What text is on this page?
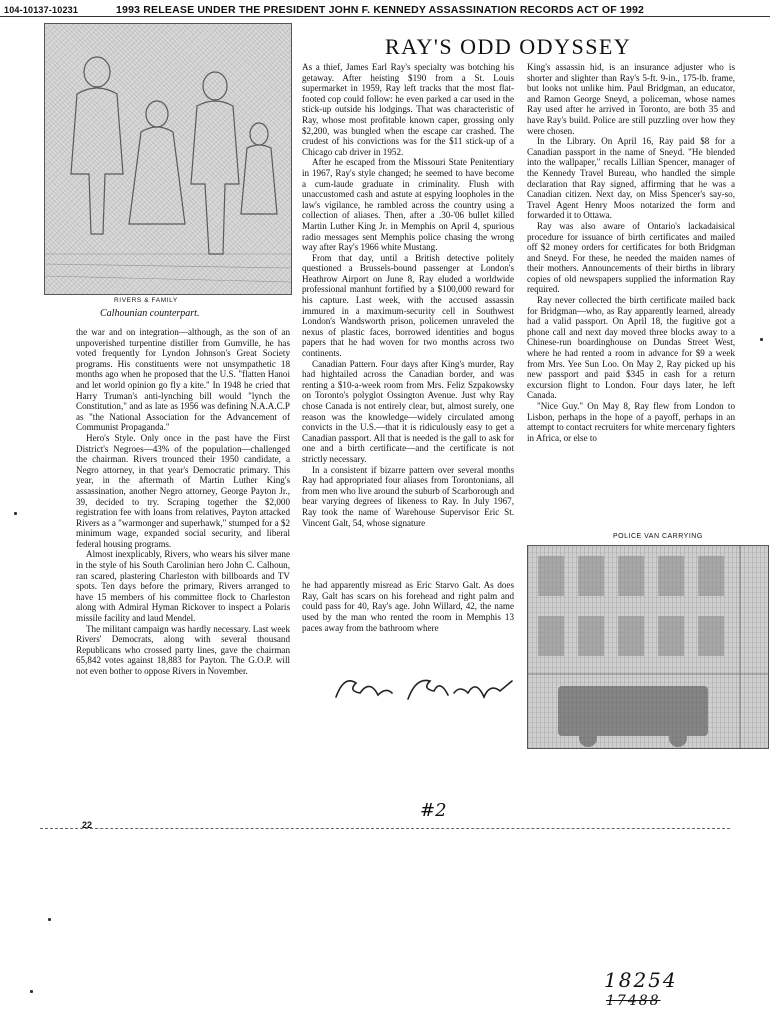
104-10137-10231	1993 RELEASE UNDER THE PRESIDENT JOHN F. KENNEDY ASSASSINATION RECORDS ACT OF 1992
RAY'S ODD ODYSSEY
RIVERS & FAMILY
Calhounian counterpart.

the war and on integration—although, as the son of an unpoverished turpentine distiller from Gumville, he has voted frequently for Lyndon Johnson's Great Society programs. His constituents were not unsympathetic 18 months ago when he proposed that the U.S. "flatten Hanoi and let world opinion go fly a kite." In 1948 he cried that Harry Truman's anti-lynching bill would "lynch the Constitution," and as late as 1956 was defining N.A.A.C.P as "the National Association for the Advancement of Communist Propaganda."

Hero's Style. Only once in the past have the First District's Negroes—43% of the population—challenged the chairman. Rivers trounced their 1950 candidate, a Negro attorney, in that year's Democratic primary. This year, in the aftermath of Martin Luther King's assassination, another Negro attorney, George Payton Jr., 39, decided to try. Scraping together the $2,000 registration fee with loans from relatives, Payton attacked Rivers as a "warmonger and superhawk," stumped for a $2 minimum wage, expanded social security, and liberal federal housing programs.

Almost inexplicably, Rivers, who wears his silver mane in the style of his South Carolinian hero John C. Calhoun, ran scared, plastering Charleston with billboards and TV spots. Ten days before the primary, Rivers arranged to have 15 members of his committee flock to Charleston along with Admiral Hyman Rickover to inspect a Polaris missile facility and laud Mendel.

The militant campaign was hardly necessary. Last week Rivers' Democrats, along with several thousand Republicans who crossed party lines, gave the chairman 65,842 votes against 18,883 for Payton. The G.O.P. will not even bother to oppose Rivers in November.

As a thief, James Earl Ray's specialty was botching his getaway. After heisting $190 from a St. Louis supermarket in 1959, Ray left tracks that the most flat-footed cop could follow: he even parked a car used in the stick-up outside his lodgings. That was characteristic of Ray, whose most profitable known caper, grossing only $2,200, was bungled when the escape car crashed. The crudest of his convictions was for the $11 stick-up of a Chicago cab driver in 1952.

After he escaped from the Missouri State Penitentiary in 1967, Ray's style changed; he seemed to have become a cum-laude graduate in criminality. Flush with unaccustomed cash and astute at espying loopholes in the law's vigilance, he rambled across the country using a collection of aliases. Then, after a .30-'06 bullet killed Martin Luther King Jr. in Memphis on April 4, spurious radio messages sent Memphis police chasing the wrong way after Ray's 1966 white Mustang.

From that day, until a British detective politely questioned a Brussels-bound passenger at London's Heathrow Airport on June 8, Ray eluded a worldwide professional manhunt fortified by a $100,000 reward for his capture. Last week, with the accused assassin immured in a maximum-security cell in Southwest London's Wandsworth prison, policemen unraveled the nexus of plastic faces, borrowed identities and bogus papers that he had woven for two months across two continents.

Canadian Pattern. Four days after King's murder, Ray had hightailed across the Canadian border, and was renting a $10-a-week room from Mrs. Feliz Szpakowsky on Toronto's polyglot Ossington Avenue. Just why Ray chose Canada is not entirely clear, but, almost surely, one reason was the knowledge—widely circulated among convicts in the U.S.—that it is ridiculously easy to get a Canadian passport. All that is needed is the gall to ask for one and a birth certificate—and the certificate is not strictly necessary.

In a consistent if bizarre pattern over several months Ray had appropriated four aliases from Torontonians, all from men who live around the suburb of Scarborough and bear varying degrees of likeness to Ray. In July 1967, Ray took the name of Warehouse Supervisor Eric St. Vincent Galt, 54, whose signature

he had apparently misread as Eric Starvo Galt. As does Ray, Galt has scars on his forehead and right palm and could pass for 40, Ray's age. John Willard, 42, the name used by the man who rented the room in Memphis 13 paces away from the bathroom where

King's assassin hid, is an insurance adjuster who is shorter and slighter than Ray's 5-ft. 9-in., 175-lb. frame, but looks not unlike him. Paul Bridgman, an educator, and Ramon George Sneyd, a policeman, whose names Ray used after he arrived in Toronto, are both 35 and have Ray's build. Police are still puzzling over how they were chosen.

In the Library. On April 16, Ray paid $8 for a Canadian passport in the name of Sneyd. "He blended into the wallpaper," recalls Lillian Spencer, manager of the Kennedy Travel Bureau, who handled the simple declaration that Ray signed, affirming that he was a Canadian citizen. Next day, on Miss Spencer's say-so, Travel Agent Henry Moos notarized the form and forwarded it to Ottawa.

Ray was also aware of Ontario's lackadaisical procedure for issuance of birth certificates and mailed off $2 money orders for certificates for both Bridgman and Sneyd. For these, he needed the maiden names of their mothers. Announcements of their births in library copies of old newspapers supplied the information Ray required.

Ray never collected the birth certificate mailed back for Bridgman—who, as Ray apparently learned, already had a valid passport. On April 18, the fugitive got a phone call and next day moved three blocks away to a Chinese-run boardinghouse on Dundas Street West, where he had rented a room in advance for $9 a week from Mrs. Yee Sun Loo. On May 2, Ray picked up his new passport and paid $345 in cash for a return excursion flight to London. Four days later, he left Canada.

"Nice Guy." On May 8, Ray flew from London to Lisbon, perhaps in the hope of a payoff, perhaps in an attempt to contact recruiters for white mercenary fighters in Africa, or else to

POLICE VAN CARRYING
#2
22
18254
17488
